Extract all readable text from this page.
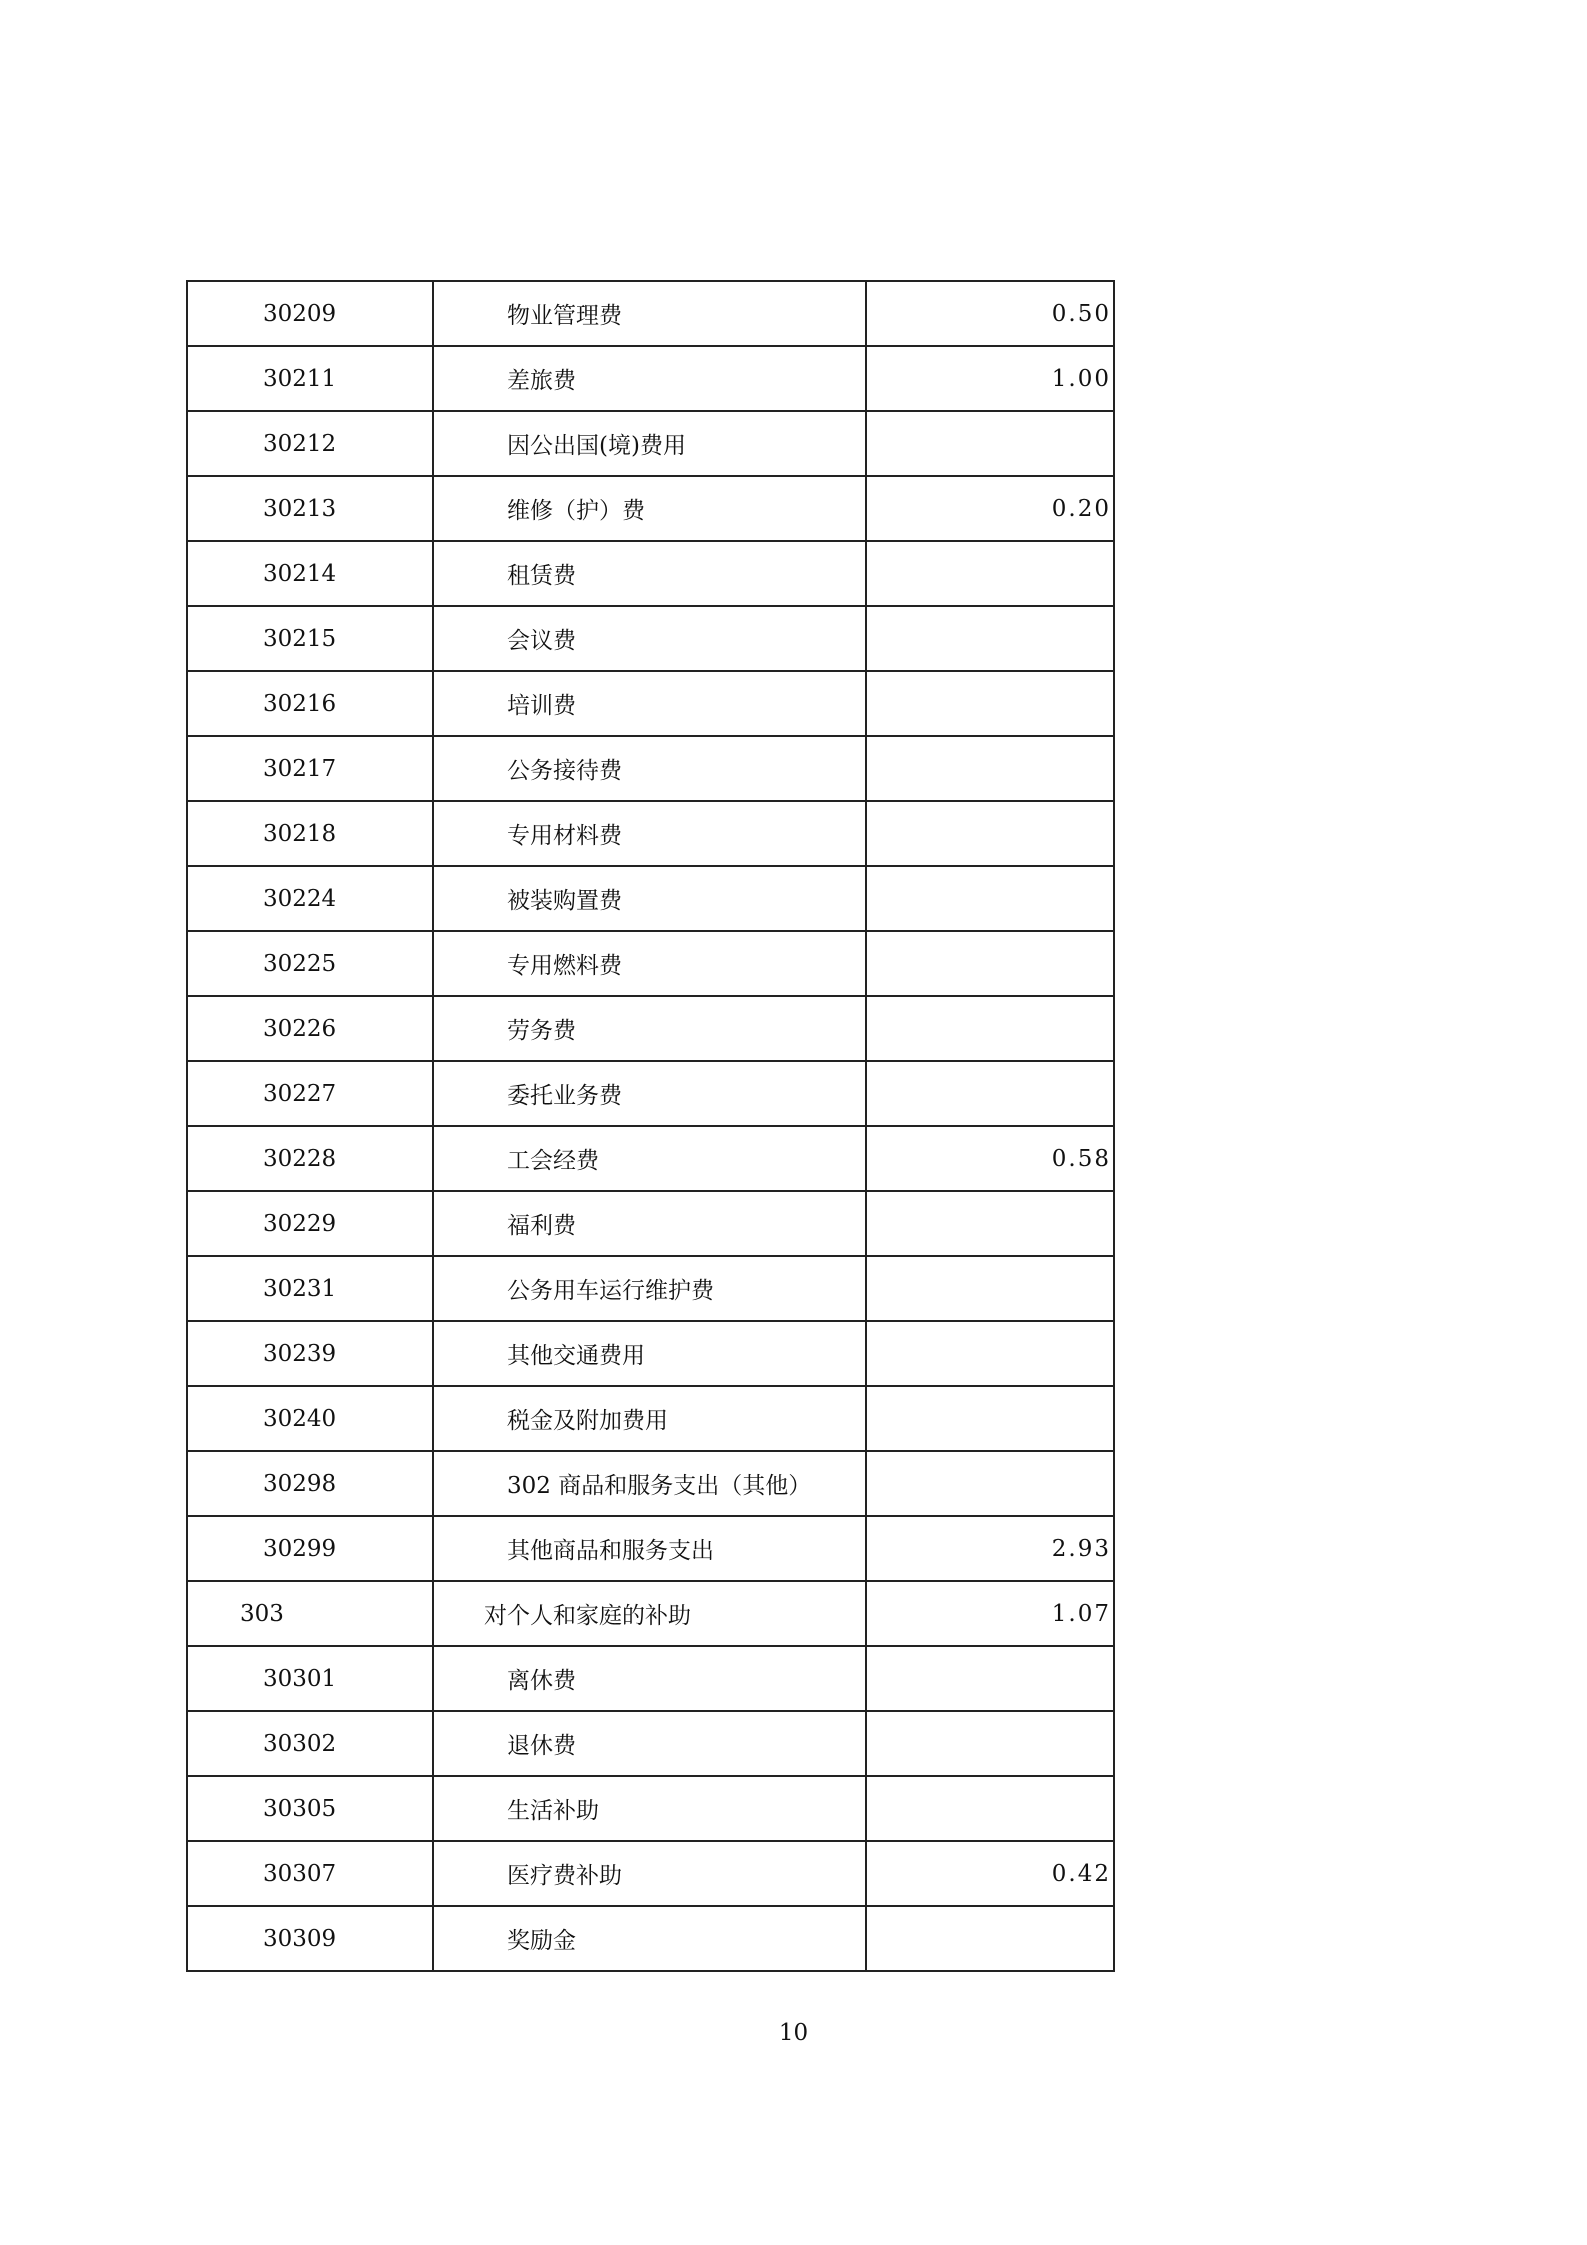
30209	物业管理费	0.50
30211	差旅费	1.00
30212	因公出国(境)费用	
30213	维修（护）费	0.20
30214	租赁费	
30215	会议费	
30216	培训费	
30217	公务接待费	
30218	专用材料费	
30224	被装购置费	
30225	专用燃料费	
30226	劳务费	
30227	委托业务费	
30228	工会经费	0.58
30229	福利费	
30231	公务用车运行维护费	
30239	其他交通费用	
30240	税金及附加费用	
30298	302 商品和服务支出（其他）	
30299	其他商品和服务支出	2.93
303	对个人和家庭的补助	1.07
30301	离休费	
30302	退休费	
30305	生活补助	
30307	医疗费补助	0.42
30309	奖励金	
10
